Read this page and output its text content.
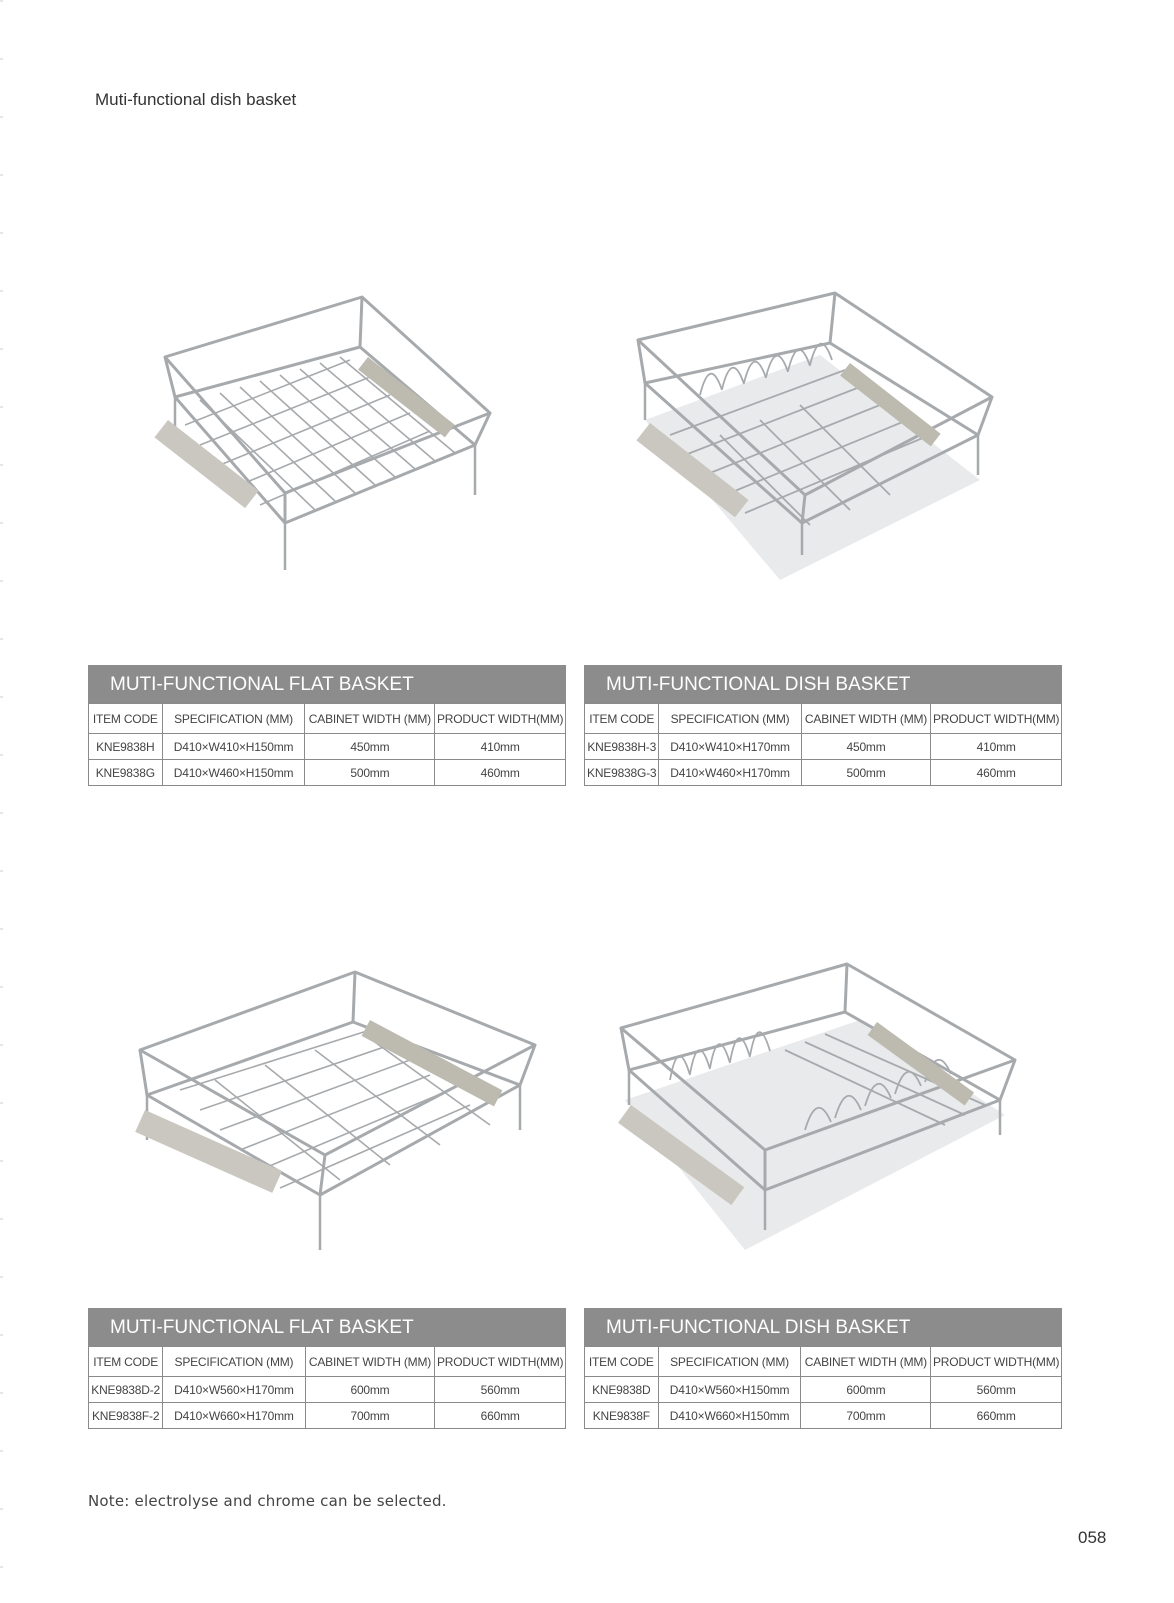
Muti-functional dish basket
MUTI-FUNCTIONAL FLAT BASKET
ITEM CODE	SPECIFICATION (MM)	CABINET WIDTH (MM)	PRODUCT WIDTH(MM)
KNE9838H	D410×W410×H150mm	450mm	410mm
KNE9838G	D410×W460×H150mm	500mm	460mm
MUTI-FUNCTIONAL DISH BASKET
ITEM CODE	SPECIFICATION (MM)	CABINET WIDTH (MM)	PRODUCT WIDTH(MM)
KNE9838H-3	D410×W410×H170mm	450mm	410mm
KNE9838G-3	D410×W460×H170mm	500mm	460mm
MUTI-FUNCTIONAL FLAT BASKET
ITEM CODE	SPECIFICATION (MM)	CABINET WIDTH (MM)	PRODUCT WIDTH(MM)
KNE9838D-2	D410×W560×H170mm	600mm	560mm
KNE9838F-2	D410×W660×H170mm	700mm	660mm
MUTI-FUNCTIONAL DISH BASKET
ITEM CODE	SPECIFICATION (MM)	CABINET WIDTH (MM)	PRODUCT WIDTH(MM)
KNE9838D	D410×W560×H150mm	600mm	560mm
KNE9838F	D410×W660×H150mm	700mm	660mm
Note: electrolyse and chrome can be selected.
058
